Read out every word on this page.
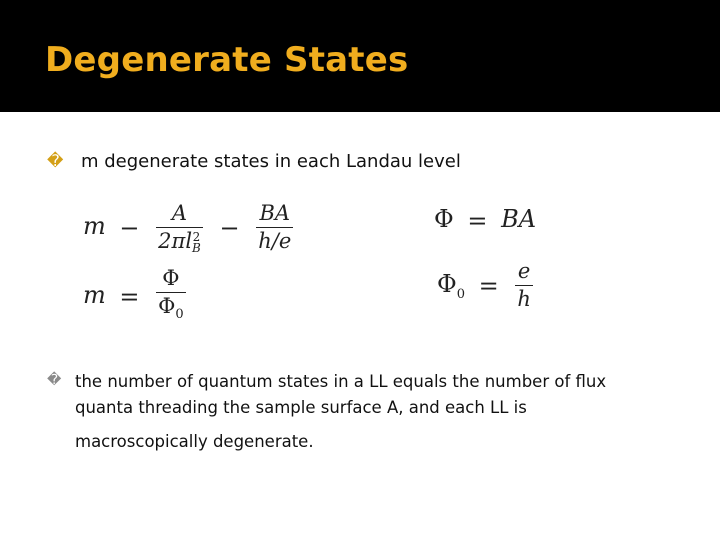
Degenerate States
� m degenerate states in each Landau level
m − A
2πl 2
$B - \frac{BA}{h/e}$
$m = \frac{\Phi}{\Phi_0}$
Φ = BA
$\Phi_0 = \frac{e}{h}$
� the number of quantum states in a LL equals the number of flux
quanta threading the sample surface A, and each LL is
macroscopically degenerate.
